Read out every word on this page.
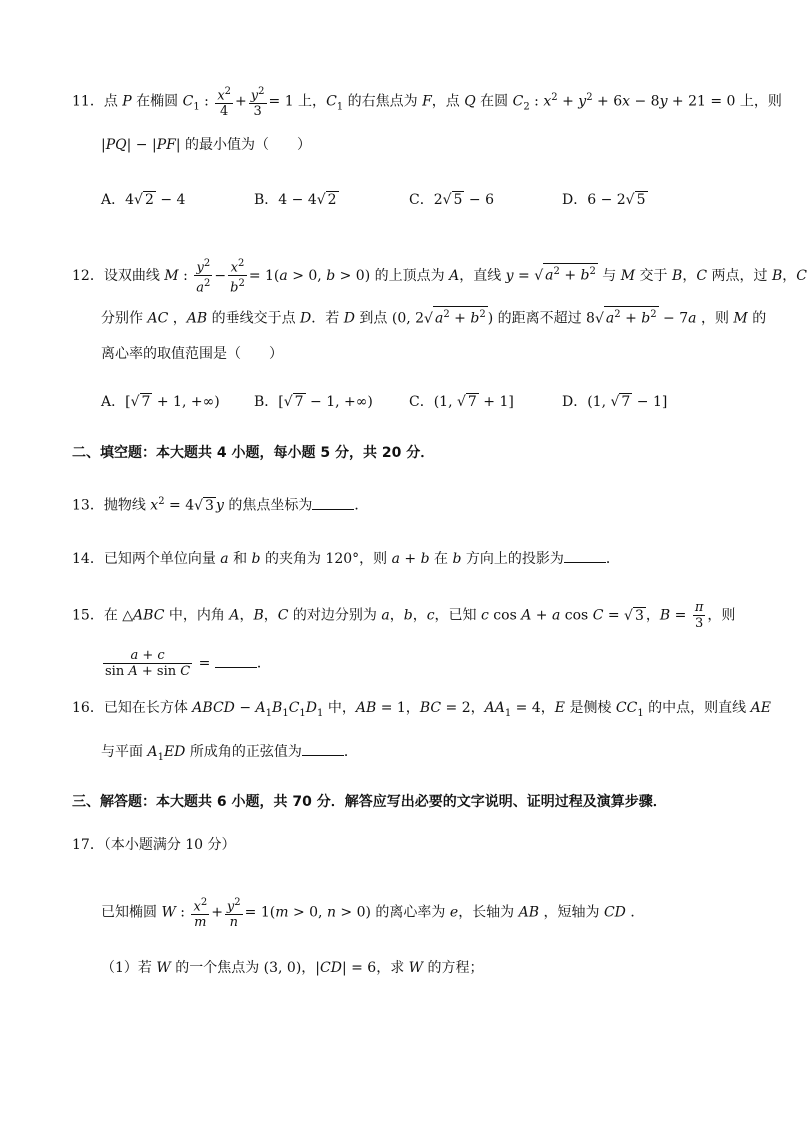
11．点 P 在椭圆 $C_1$ : $\frac{x^2}{4} + \frac{y^2}{3} = 1$ 上，$C_1$ 的右焦点为 F，点 Q 在圆 $C_2$ : $x^2 + y^2 + 6x - 8y + 21 = 0$ 上，则
|PQ| − |PF| 的最小值为（　　）
A．4√ 2 − 4	B．4 − 4√ 2	C．2√ 5 − 6	D．6 − 2√ 5
12．设双曲线 M : $\frac{y^2}{a^2} - \frac{x^2}{b^2} = 1(a > 0$, b > 0) 的上顶点为 A，直线 y = √ $a^2 + b^2$ 与 M 交于 B，C 两点，过 B，C
分别作 AC ，AB 的垂线交于点 D．若 D 到点 (0, 2√ $a^2 + b^2$ ) 的距离不超过 8√ $a^2 + b^2 - 7a$ ，则 M 的
离心率的取值范围是（　　）
A．[√ 7 + 1, +∞) B．[√ 7 − 1, +∞)	C．(1, √ 7 + 1]	D．(1, √ 7 − 1]
二、填空题：本大题共 4 小题，每小题 5 分，共 20 分．
13．抛物线 $x^2 = 4√$ 3 y 的焦点坐标为	．
14．已知两个单位向量 a 和 b 的夹角为 120°，则 a + b 在 b 方向上的投影为	．
15．在 △ABC 中，内角 A，B，C 的对边分别为 a，b，c，已知 c cos A + a cos C = √ 3 ，$B = \frac{\pi}{3}$ ，则
$\frac{a + c}{\text{sin A + sin C}}$ =	．
16．已知在长方体 ABCD − $A_1B_1C_1D_1$ 中，AB = 1，BC = 2，$AA_1 = 4$，E 是侧棱 $CC_1$ 的中点，则直线 AE
与平面 $A_1ED$ 所成角的正弦值为	．
三、解答题：本大题共 6 小题，共 70 分．解答应写出必要的文字说明、证明过程及演算步骤．
17．（本小题满分 10 分）
已知椭圆 W : $\frac{x^2}{m} + \frac{y^2}{n} = 1(m > 0$, n > 0) 的离心率为 e，长轴为 AB ，短轴为 CD ．
（1）若 W 的一个焦点为 (3, 0)，|CD| = 6，求 W 的方程；
